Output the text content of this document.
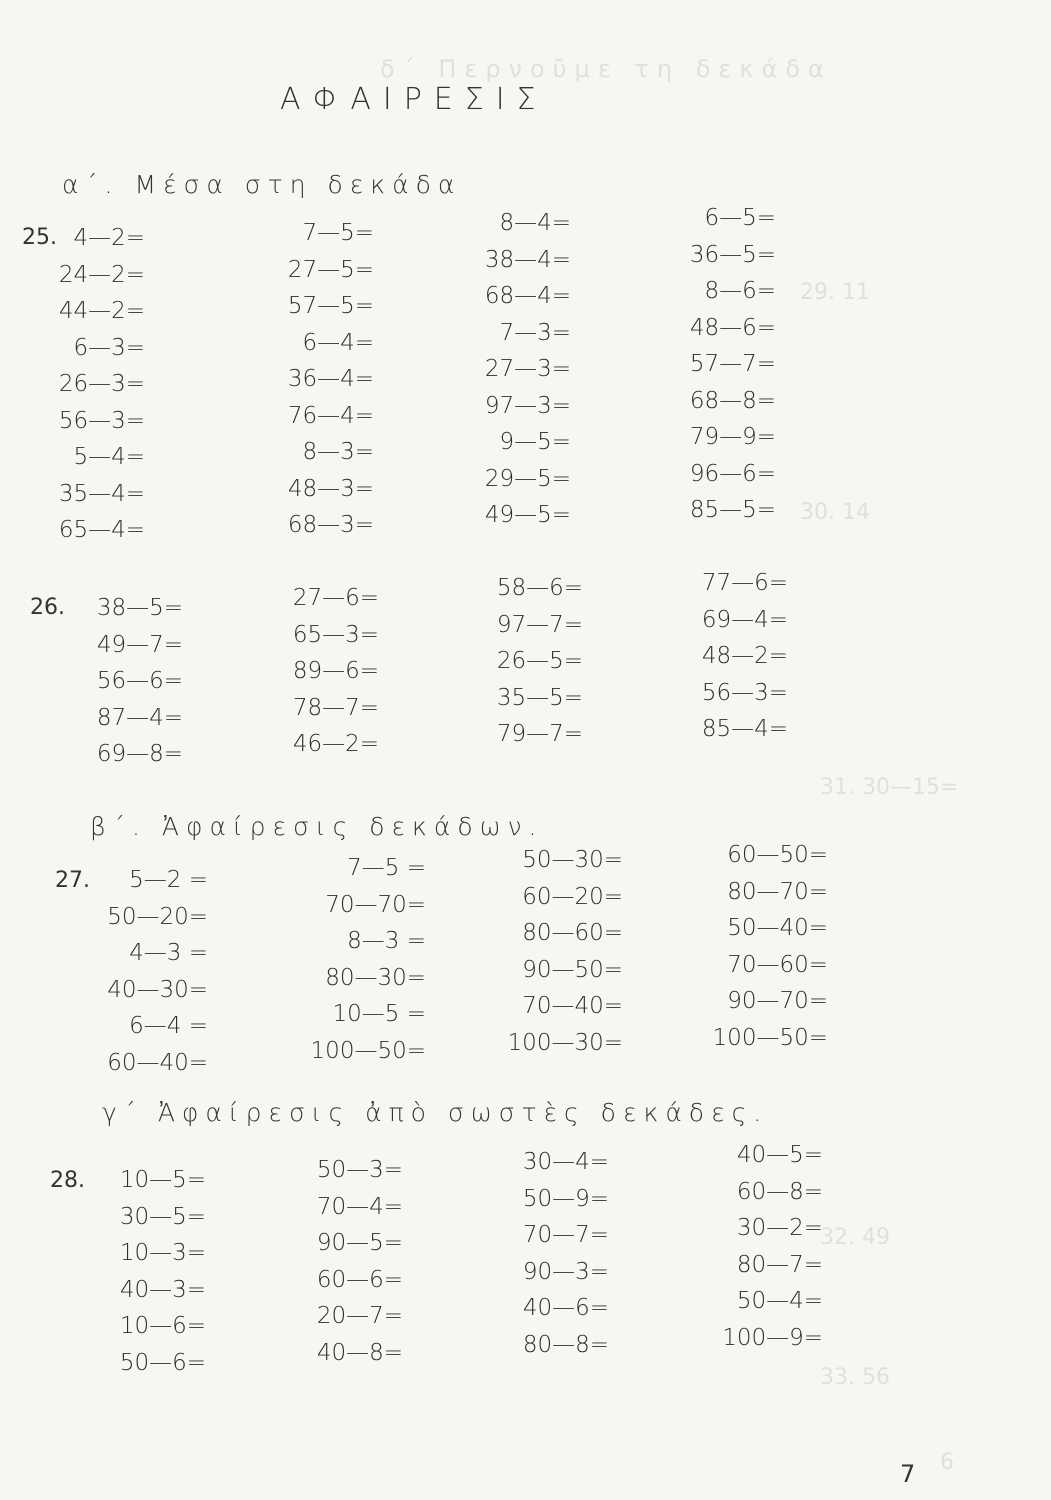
δ΄ Περνοῦμε τη δεκάδα
29. 11
30. 14
31. 30—15=
32. 49
33. 56
6
ΑΦΑΙΡΕΣΙΣ
α΄. Μέσα στη δεκάδα
25. 4—2=
24—2=
44—2=
6—3=
26—3=
56—3=
5—4=
35—4=
65—4=
7—5=
27—5=
57—5=
6—4=
36—4=
76—4=
8—3=
48—3=
68—3=
8—4=
38—4=
68—4=
7—3=
27—3=
97—3=
9—5=
29—5=
49—5=
6—5=
36—5=
8—6=
48—6=
57—7=
68—8=
79—9=
96—6=
85—5=
26. 38—5=
49—7=
56—6=
87—4=
69—8=
27—6=
65—3=
89—6=
78—7=
46—2=
58—6=
97—7=
26—5=
35—5=
79—7=
77—6=
69—4=
48—2=
56—3=
85—4=
β΄. Ἀφαίρεσις δεκάδων.
27.	5—2 =
50—20=
4—3 =
40—30=
6—4 =
60—40=
7—5 =
70—70=
8—3 =
80—30=
10—5 =
100—50=
50—30=
60—20=
80—60=
90—50=
70—40=
100—30=
60—50=
80—70=
50—40=
70—60=
90—70=
100—50=
γ΄ Ἀφαίρεσις ἀπὸ σωστὲς δεκάδες.
28. 10—5=
30—5=
10—3=
40—3=
10—6=
50—6=
50—3=
70—4=
90—5=
60—6=
20—7=
40—8=
30—4=
50—9=
70—7=
90—3=
40—6=
80—8=
40—5=
60—8=
30—2=
80—7=
50—4=
100—9=
7
